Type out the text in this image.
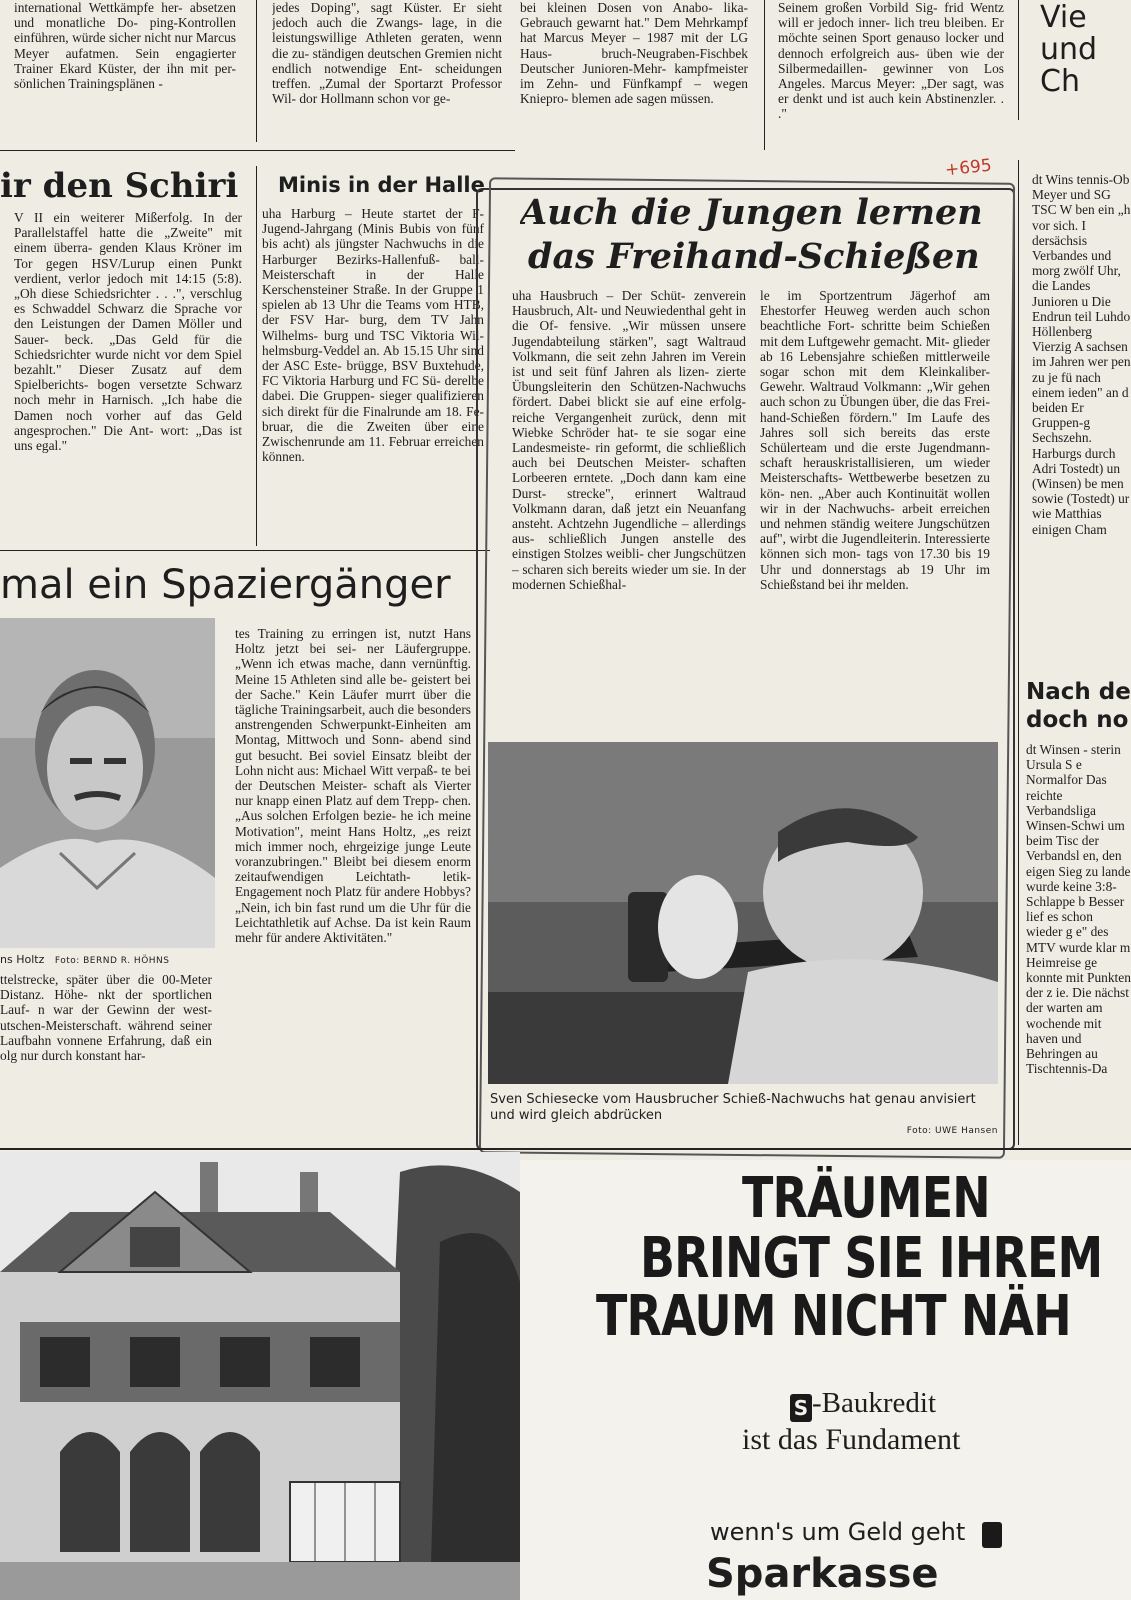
international Wettkämpfe her- absetzen und monatliche Do- ping-Kontrollen einführen, würde sicher nicht nur Marcus Meyer aufatmen. Sein engagierter Trainer Ekard Küster, der ihn mit per- sönlichen Trainingsplänen -

jedes Doping", sagt Küster. Er sieht jedoch auch die Zwangs- lage, in die leistungswillige Athleten geraten, wenn die zu- ständigen deutschen Gremien nicht endlich notwendige Ent- scheidungen treffen. „Zumal der Sportarzt Professor Wil- dor Hollmann schon vor ge-

bei kleinen Dosen von Anabo- lika-Gebrauch gewarnt hat." Dem Mehrkampf hat Marcus Meyer – 1987 mit der LG Haus- bruch-Neugraben-Fischbek Deutscher Junioren-Mehr- kampfmeister im Zehn- und Fünfkampf – wegen Kniepro- blemen ade sagen müssen.

Seinem großen Vorbild Sig- frid Wentz will er jedoch inner- lich treu bleiben. Er möchte seinen Sport genauso locker und dennoch erfolgreich aus- üben wie der Silbermedaillen- gewinner von Los Angeles. Marcus Meyer: „Der sagt, was er denkt und ist auch kein Abstinenzler. . ."

Vie und Ch
+695
ir den Schiri

V II ein weiterer Mißerfolg. In der Parallelstaffel hatte die „Zweite" mit einem überra- genden Klaus Kröner im Tor gegen HSV/Lurup einen Punkt verdient, verlor jedoch mit 14:15 (5:8). „Oh diese Schiedsrichter . . .", verschlug es Schwaddel Schwarz die Sprache vor den Leistungen der Damen Möller und Sauer- beck. „Das Geld für die Schiedsrichter wurde nicht vor dem Spiel bezahlt." Dieser Zusatz auf dem Spielberichts- bogen versetzte Schwarz noch mehr in Harnisch. „Ich habe die Damen noch vorher auf das Geld angesprochen." Die Ant- wort: „Das ist uns egal."

Minis in der Halle

uha Harburg – Heute startet der F-Jugend-Jahrgang (Minis Bubis von fünf bis acht) als jüngster Nachwuchs in die Harburger Bezirks-Hallenfuß- ball-Meisterschaft in der Halle Kerschensteiner Straße. In der Gruppe 1 spielen ab 13 Uhr die Teams vom HTB, der FSV Har- burg, dem TV Jahn Wilhelms- burg und TSC Viktoria Wil- helmsburg-Veddel an. Ab 15.15 Uhr sind der ASC Este- brügge, BSV Buxtehude, FC Viktoria Harburg und FC Sü- derelbe dabei. Die Gruppen- sieger qualifizieren sich direkt für die Finalrunde am 18. Fe- bruar, die die Zweiten über eine Zwischenrunde am 11. Februar erreichen können.

mal ein Spaziergänger
ns Holtz Foto: BERND R. HÖHNS

ttelstrecke, später über die 00-Meter Distanz. Höhe- nkt der sportlichen Lauf- n war der Gewinn der west- utschen-Meisterschaft. während seiner Laufbahn vonnene Erfahrung, daß ein olg nur durch konstant har-

tes Training zu erringen ist, nutzt Hans Holtz jetzt bei sei- ner Läufergruppe. „Wenn ich etwas mache, dann vernünftig. Meine 15 Athleten sind alle be- geistert bei der Sache." Kein Läufer murrt über die tägliche Trainingsarbeit, auch die besonders anstrengenden Schwerpunkt-Einheiten am Montag, Mittwoch und Sonn- abend sind gut besucht. Bei soviel Einsatz bleibt der Lohn nicht aus: Michael Witt verpaß- te bei der Deutschen Meister- schaft als Vierter nur knapp einen Platz auf dem Trepp- chen. „Aus solchen Erfolgen bezie- he ich meine Motivation", meint Hans Holtz, „es reizt mich immer noch, ehrgeizige junge Leute voranzubringen." Bleibt bei diesem enorm zeitaufwendigen Leichtath- letik-Engagement noch Platz für andere Hobbys? „Nein, ich bin fast rund um die Uhr für die Leichtathletik auf Achse. Da ist kein Raum mehr für andere Aktivitäten."

Auch die Jungen lernen
das Freihand-Schießen

uha Hausbruch – Der Schüt- zenverein Hausbruch, Alt- und Neuwiedenthal geht in die Of- fensive. „Wir müssen unsere Jugendabteilung stärken", sagt Waltraud Volkmann, die seit zehn Jahren im Verein ist und seit fünf Jahren als lizen- zierte Übungsleiterin den Schützen-Nachwuchs fördert. Dabei blickt sie auf eine erfolg- reiche Vergangenheit zurück, denn mit Wiebke Schröder hat- te sie sogar eine Landesmeiste- rin geformt, die schließlich auch bei Deutschen Meister- schaften Lorbeeren erntete. „Doch dann kam eine Durst- strecke", erinnert Waltraud Volkmann daran, daß jetzt ein Neuanfang ansteht. Achtzehn Jugendliche – allerdings aus- schließlich Jungen anstelle des einstigen Stolzes weibli- cher Jungschützen – scharen sich bereits wieder um sie. In der modernen Schießhal-

le im Sportzentrum Jägerhof am Ehestorfer Heuweg werden auch schon beachtliche Fort- schritte beim Schießen mit dem Luftgewehr gemacht. Mit- glieder ab 16 Lebensjahre schießen mittlerweile sogar schon mit dem Kleinkaliber- Gewehr. Waltraud Volkmann: „Wir gehen auch schon zu Übungen über, die das Frei- hand-Schießen fördern." Im Laufe des Jahres soll sich bereits das erste Schülerteam und die erste Jugendmann- schaft herauskristallisieren, um wieder Meisterschafts- Wettbewerbe besetzen zu kön- nen. „Aber auch Kontinuität wollen wir in der Nachwuchs- arbeit erreichen und nehmen ständig weitere Jungschützen auf", wirbt die Jugendleiterin. Interessierte können sich mon- tags von 17.30 bis 19 Uhr und donnerstags ab 19 Uhr im Schießstand bei ihr melden.

Sven Schiesecke vom Hausbrucher Schieß-Nachwuchs hat genau anvisiert und wird gleich abdrücken
Foto: UWE Hansen

dt Wins tennis-Ob Meyer und SG TSC W ben ein „h vor sich. I dersächsis Verbandes und morg zwölf Uhr, die Landes Junioren u Die Endrun teil Luhdo Höllenberg Vierzig A sachsen im Jahren wer pen zu je fü nach einem ieden" an d beiden Er Gruppen-g Sechszehn. Harburgs durch Adri Tostedt) un (Winsen) be men sowie (Tostedt) ur wie Matthias einigen Cham

Nach de doch no

dt Winsen - sterin Ursula S e Normalfor Das reichte Verbandsliga Winsen-Schwi um beim Tisc der Verbandsl en, den eigen Sieg zu lande wurde keine 3:8-Schlappe b Besser lief es schon wieder g e" des MTV wurde klar m Heimreise ge konnte mit Punkten der z ie. Die nächst der warten am wochende mit haven und Behringen au Tischtennis-Da

TRÄUMEN
BRINGT SIE IHREM
TRAUM NICHT NÄH
S -Baukredit
ist das Fundament
wenn's um Geld geht
Sparkasse
